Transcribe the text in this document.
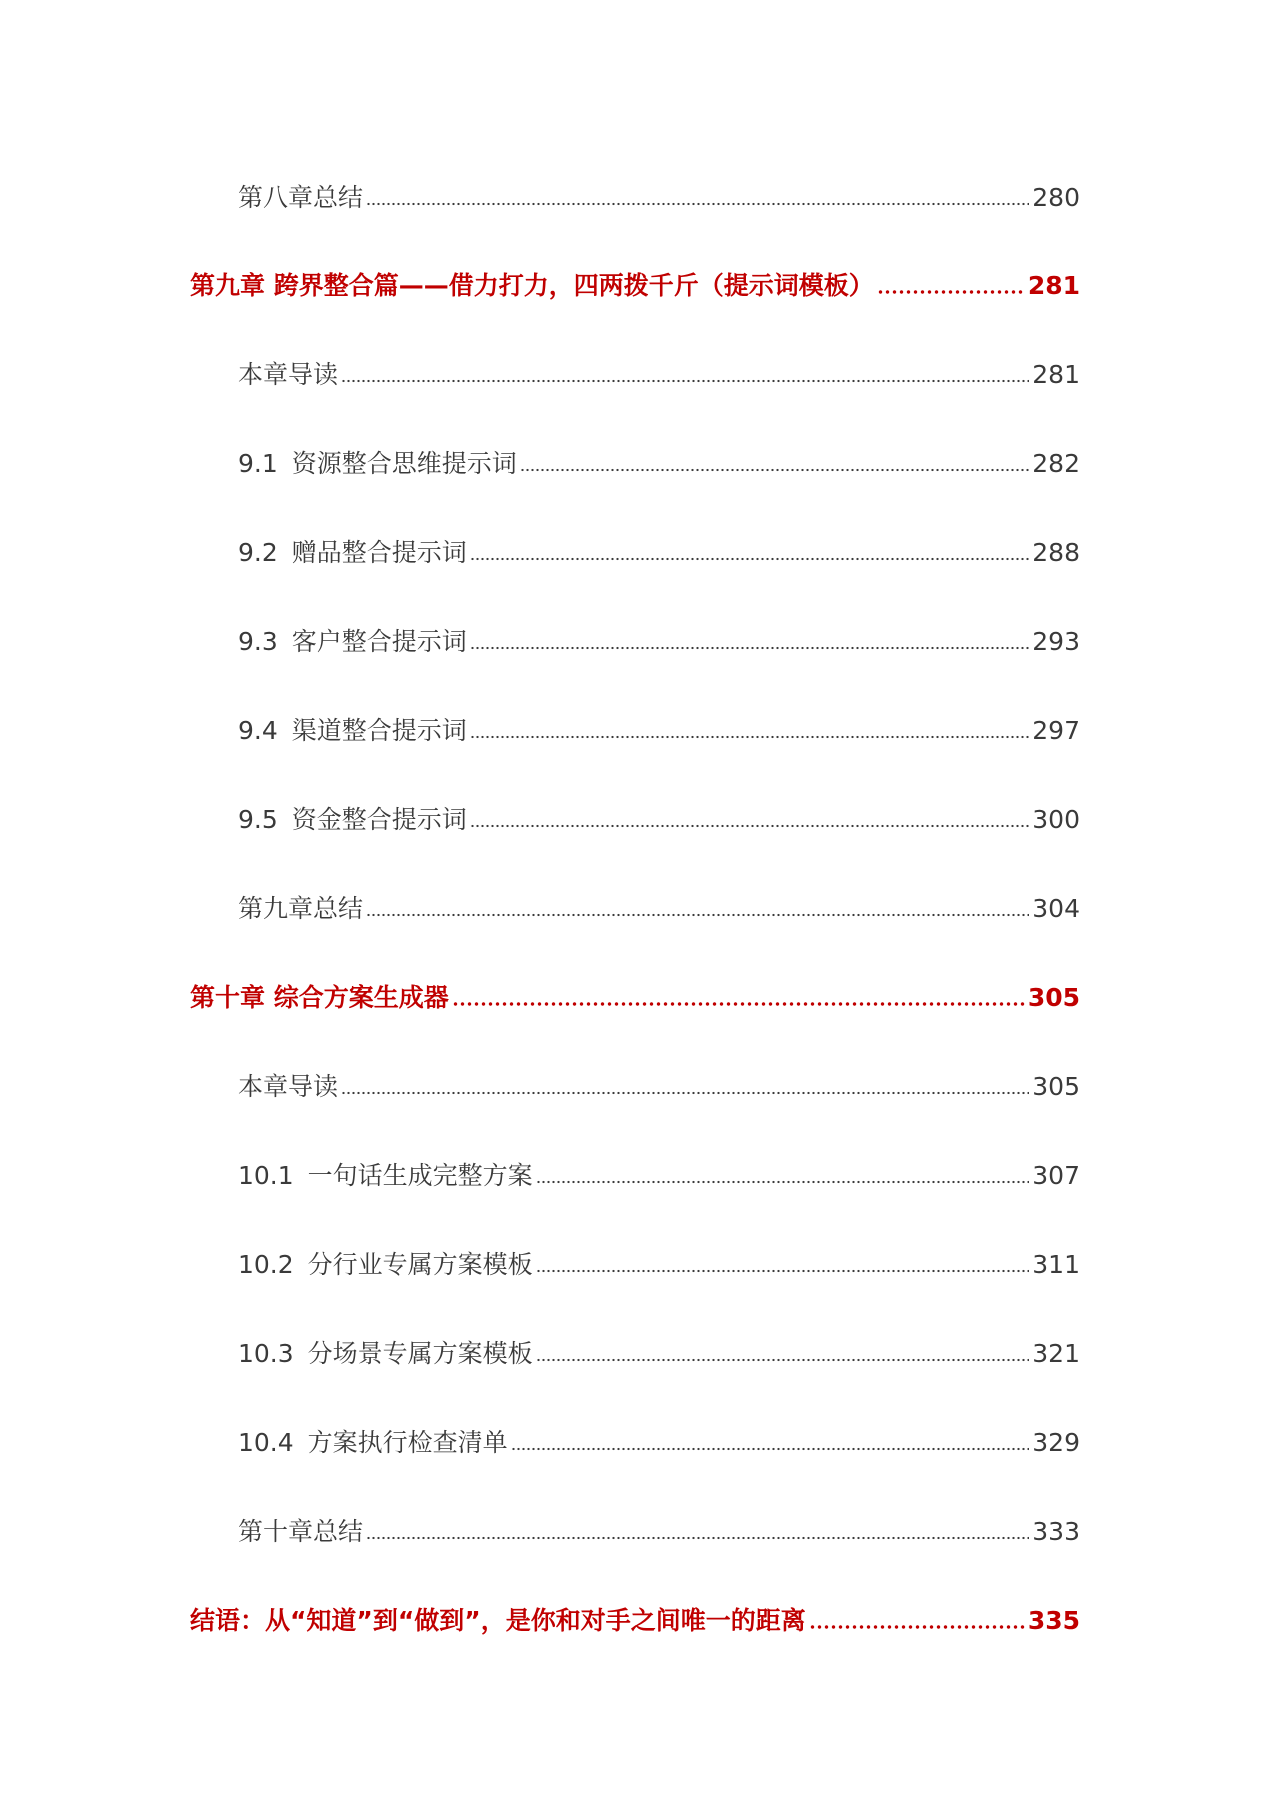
第八章总结	280
第九章 跨界整合篇——借力打力，四两拨千斤（提示词模板）	281
本章导读	281
9.1 资源整合思维提示词	282
9.2 赠品整合提示词	288
9.3 客户整合提示词	293
9.4 渠道整合提示词	297
9.5 资金整合提示词	300
第九章总结	304
第十章 综合方案生成器	305
本章导读	305
10.1 一句话生成完整方案	307
10.2 分行业专属方案模板	311
10.3 分场景专属方案模板	321
10.4 方案执行检查清单	329
第十章总结	333
结语：从“知道”到“做到”，是你和对手之间唯一的距离	335
